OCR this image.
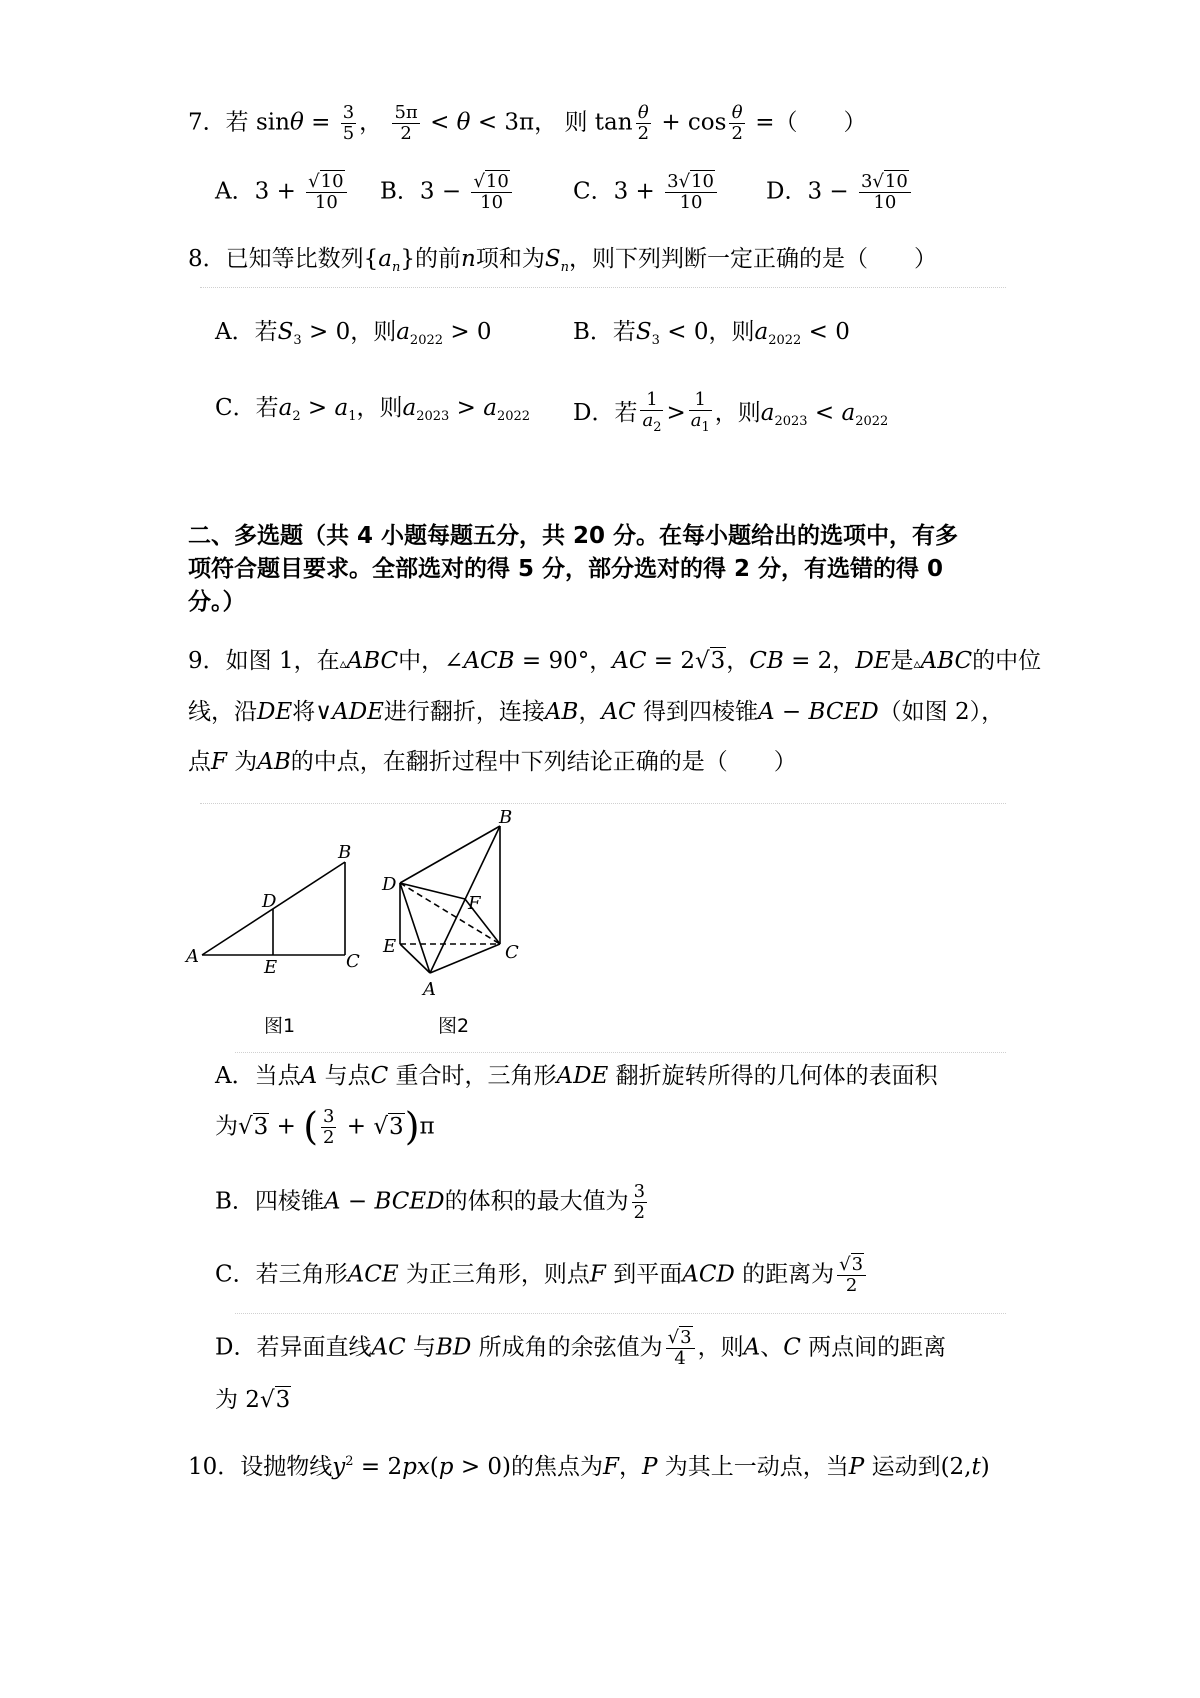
7．若 $\sin\theta = \frac{3}{5}$ ， $\frac{5\pi}{2} < \theta < 3\pi$， 则 $\tan \frac{\theta}{2} + \cos \frac{\theta}{2}$ =（　　）
A．$3 + \frac{√10}{10}$ B．$3 - \frac{√10}{10}$	C．$3 + \frac{3√10}{10}$ D．$3 - \frac{3√10}{10}$
8．已知等比数列$\{a_n\}$的前n项和为$S_n$，则下列判断一定正确的是（　　）
A．若$S_3 > 0$，则$a_{2022} > 0$	B．若$S_3 < 0$，则$a_{2022} < 0$
C．若$a_2 > a_1$，则$a_{2023} > a_{2022}$ D．若 $\frac{1}{a_2} > \frac{1}{a_1}$ ，则$a_{2023} < a_{2022}$
二、多选题（共 4 小题每题五分，共 20 分。在每小题给出的选项中，有多
项符合题目要求。全部选对的得 5 分，部分选对的得 2 分，有选错的得 0
分。）
9．如图 1，在▵ABC中，∠ACB = 90°，AC = 2√3，CB = 2，DE是▵ABC的中位
线，沿DE将∨ADE进行翻折，连接AB，AC 得到四棱锥A − BCED（如图 2），
点F 为AB的中点，在翻折过程中下列结论正确的是（　　）
A
B
C
D
E
B
D
F
E	C
A
图1	图2
A．当点A 与点C 重合时，三角形ADE 翻折旋转所得的几何体的表面积
为√3 + ( $\frac{3}{2} + √3)\pi$
B．四棱锥A − BCED的体积的最大值为 $\frac{3}{2}$
C．若三角形ACE 为正三角形，则点F 到平面ACD 的距离为 $\frac{√3}{2}$
D．若异面直线AC 与BD 所成角的余弦值为 $\frac{√3}{4}$ ，则A、C 两点间的距离
为 2√3
10．设抛物线$y^2 = 2px(p > 0)$的焦点为F，P 为其上一动点，当P 运动到(2,t)
